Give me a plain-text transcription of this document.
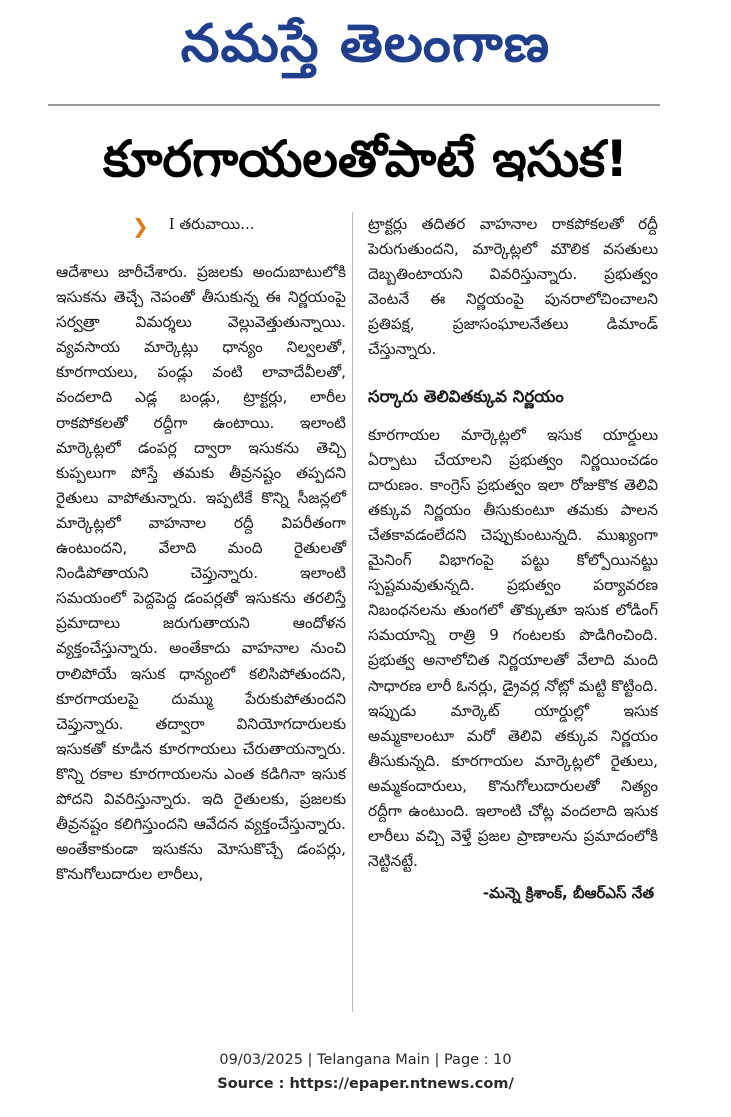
నమస్తే తెలంగాణ
కూరగాయలతోపాటే ఇసుక!
❯ I తరువాయి...

ఆదేశాలు జారీచేశారు. ప్రజలకు అందుబాటులోకి ఇసుకను తెచ్చే నెపంతో తీసుకున్న ఈ నిర్ణయంపై సర్వత్రా విమర్శలు వెల్లువెత్తుతున్నాయి. వ్యవసాయ మార్కెట్లు ధాన్యం నిల్వలతో, కూరగాయలు, పండ్లు వంటి లావాదేవీలతో, వందలాది ఎడ్ల బండ్లు, ట్రాక్టర్లు, లారీల రాకపోకలతో రద్దీగా ఉంటాయి. ఇలాంటి మార్కెట్లలో డంపర్ల ద్వారా ఇసుకను తెచ్చి కుప్పలుగా పోస్తే తమకు తీవ్రనష్టం తప్పదని రైతులు వాపోతున్నారు. ఇప్పటికే కొన్ని సీజన్లలో మార్కెట్లలో వాహనాల రద్దీ విపరీతంగా ఉంటుందని, వేలాది మంది రైతులతో నిండిపోతాయని చెప్తున్నారు. ఇలాంటి సమయంలో పెద్దపెద్ద డంపర్లతో ఇసుకను తరలిస్తే ప్రమాదాలు జరుగుతాయని ఆందోళన వ్యక్తంచేస్తున్నారు. అంతేకాదు వాహనాల నుంచి రాలిపోయే ఇసుక ధాన్యంలో కలిసిపోతుందని, కూరగాయలపై దుమ్ము పేరుకుపోతుందని చెప్తున్నారు. తద్వారా వినియోగదారులకు ఇసుకతో కూడిన కూరగాయలు చేరుతాయన్నారు. కొన్ని రకాల కూరగాయలను ఎంత కడిగినా ఇసుక పోదని వివరిస్తున్నారు. ఇది రైతులకు, ప్రజలకు తీవ్రనష్టం కలిగిస్తుందని ఆవేదన వ్యక్తంచేస్తున్నారు. అంతేకాకుండా ఇసుకను మోసుకొచ్చే డంపర్లు, కొనుగోలుదారుల లారీలు,

ట్రాక్టర్లు తదితర వాహనాల రాకపోకలతో రద్దీ పెరుగుతుందని, మార్కెట్లలో మౌలిక వసతులు దెబ్బతింటాయని వివరిస్తున్నారు. ప్రభుత్వం వెంటనే ఈ నిర్ణయంపై పునరాలోచించాలని ప్రతిపక్ష, ప్రజాసంఘాలనేతలు డిమాండ్ చేస్తున్నారు.

సర్కారు తెలివితక్కువ నిర్ణయం

కూరగాయల మార్కెట్లలో ఇసుక యార్డులు ఏర్పాటు చేయాలని ప్రభుత్వం నిర్ణయించడం దారుణం. కాంగ్రెస్ ప్రభుత్వం ఇలా రోజుకొక తెలివి తక్కువ నిర్ణయం తీసుకుంటూ తమకు పాలన చేతకావడంలేదని చెప్పుకుంటున్నది. ముఖ్యంగా మైనింగ్ విభాగంపై పట్టు కోల్పోయినట్టు స్పష్టమవుతున్నది. ప్రభుత్వం పర్యావరణ నిబంధనలను తుంగలో తొక్కుతూ ఇసుక లోడింగ్ సమయాన్ని రాత్రి 9 గంటలకు పొడిగించింది. ప్రభుత్వ అనాలోచిత నిర్ణయాలతో వేలాది మంది సాధారణ లారీ ఓనర్లు, డ్రైవర్ల నోట్లో మట్టి కొట్టింది. ఇప్పుడు మార్కెట్ యార్డుల్లో ఇసుక అమ్మకాలంటూ మరో తెలివి తక్కువ నిర్ణయం తీసుకున్నది. కూరగాయల మార్కెట్లలో రైతులు, అమ్మకందారులు, కొనుగోలుదారులతో నిత్యం రద్దీగా ఉంటుంది. ఇలాంటి చోట్ల వందలాది ఇసుక లారీలు వచ్చి వెళ్తే ప్రజల ప్రాణాలను ప్రమాదంలోకి నెట్టినట్టే.

-మన్నె క్రిశాంక్, బీఆర్ఎస్ నేత
09/03/2025 | Telangana Main | Page : 10
Source : https://epaper.ntnews.com/
